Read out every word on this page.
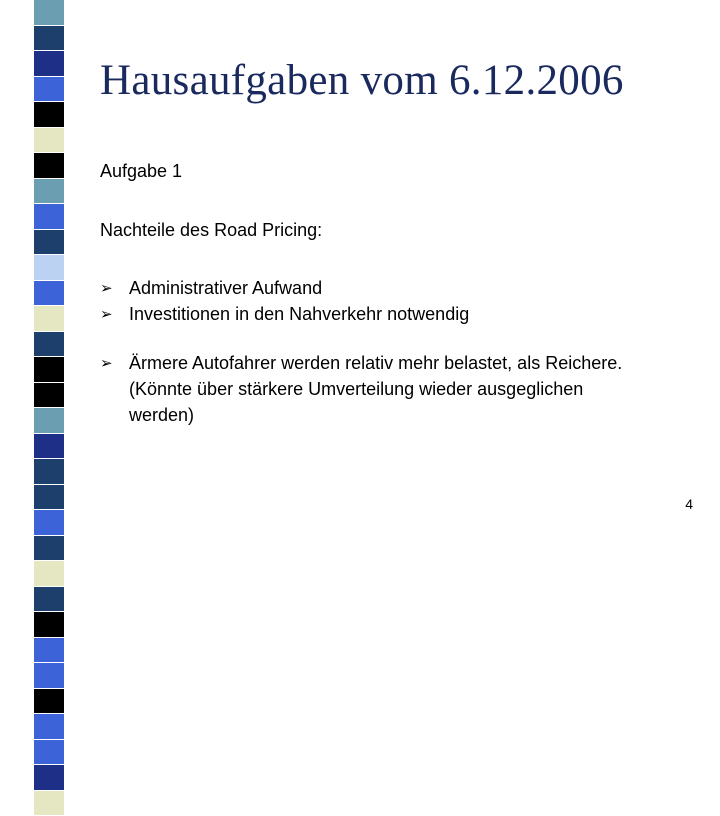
Hausaufgaben vom 6.12.2006
Aufgabe 1
Nachteile des Road Pricing:
➢ Administrativer Aufwand
➢ Investitionen in den Nahverkehr notwendig
➢ Ärmere Autofahrer werden relativ mehr belastet, als Reichere.
(Könnte über stärkere Umverteilung wieder ausgeglichen
werden)
4
